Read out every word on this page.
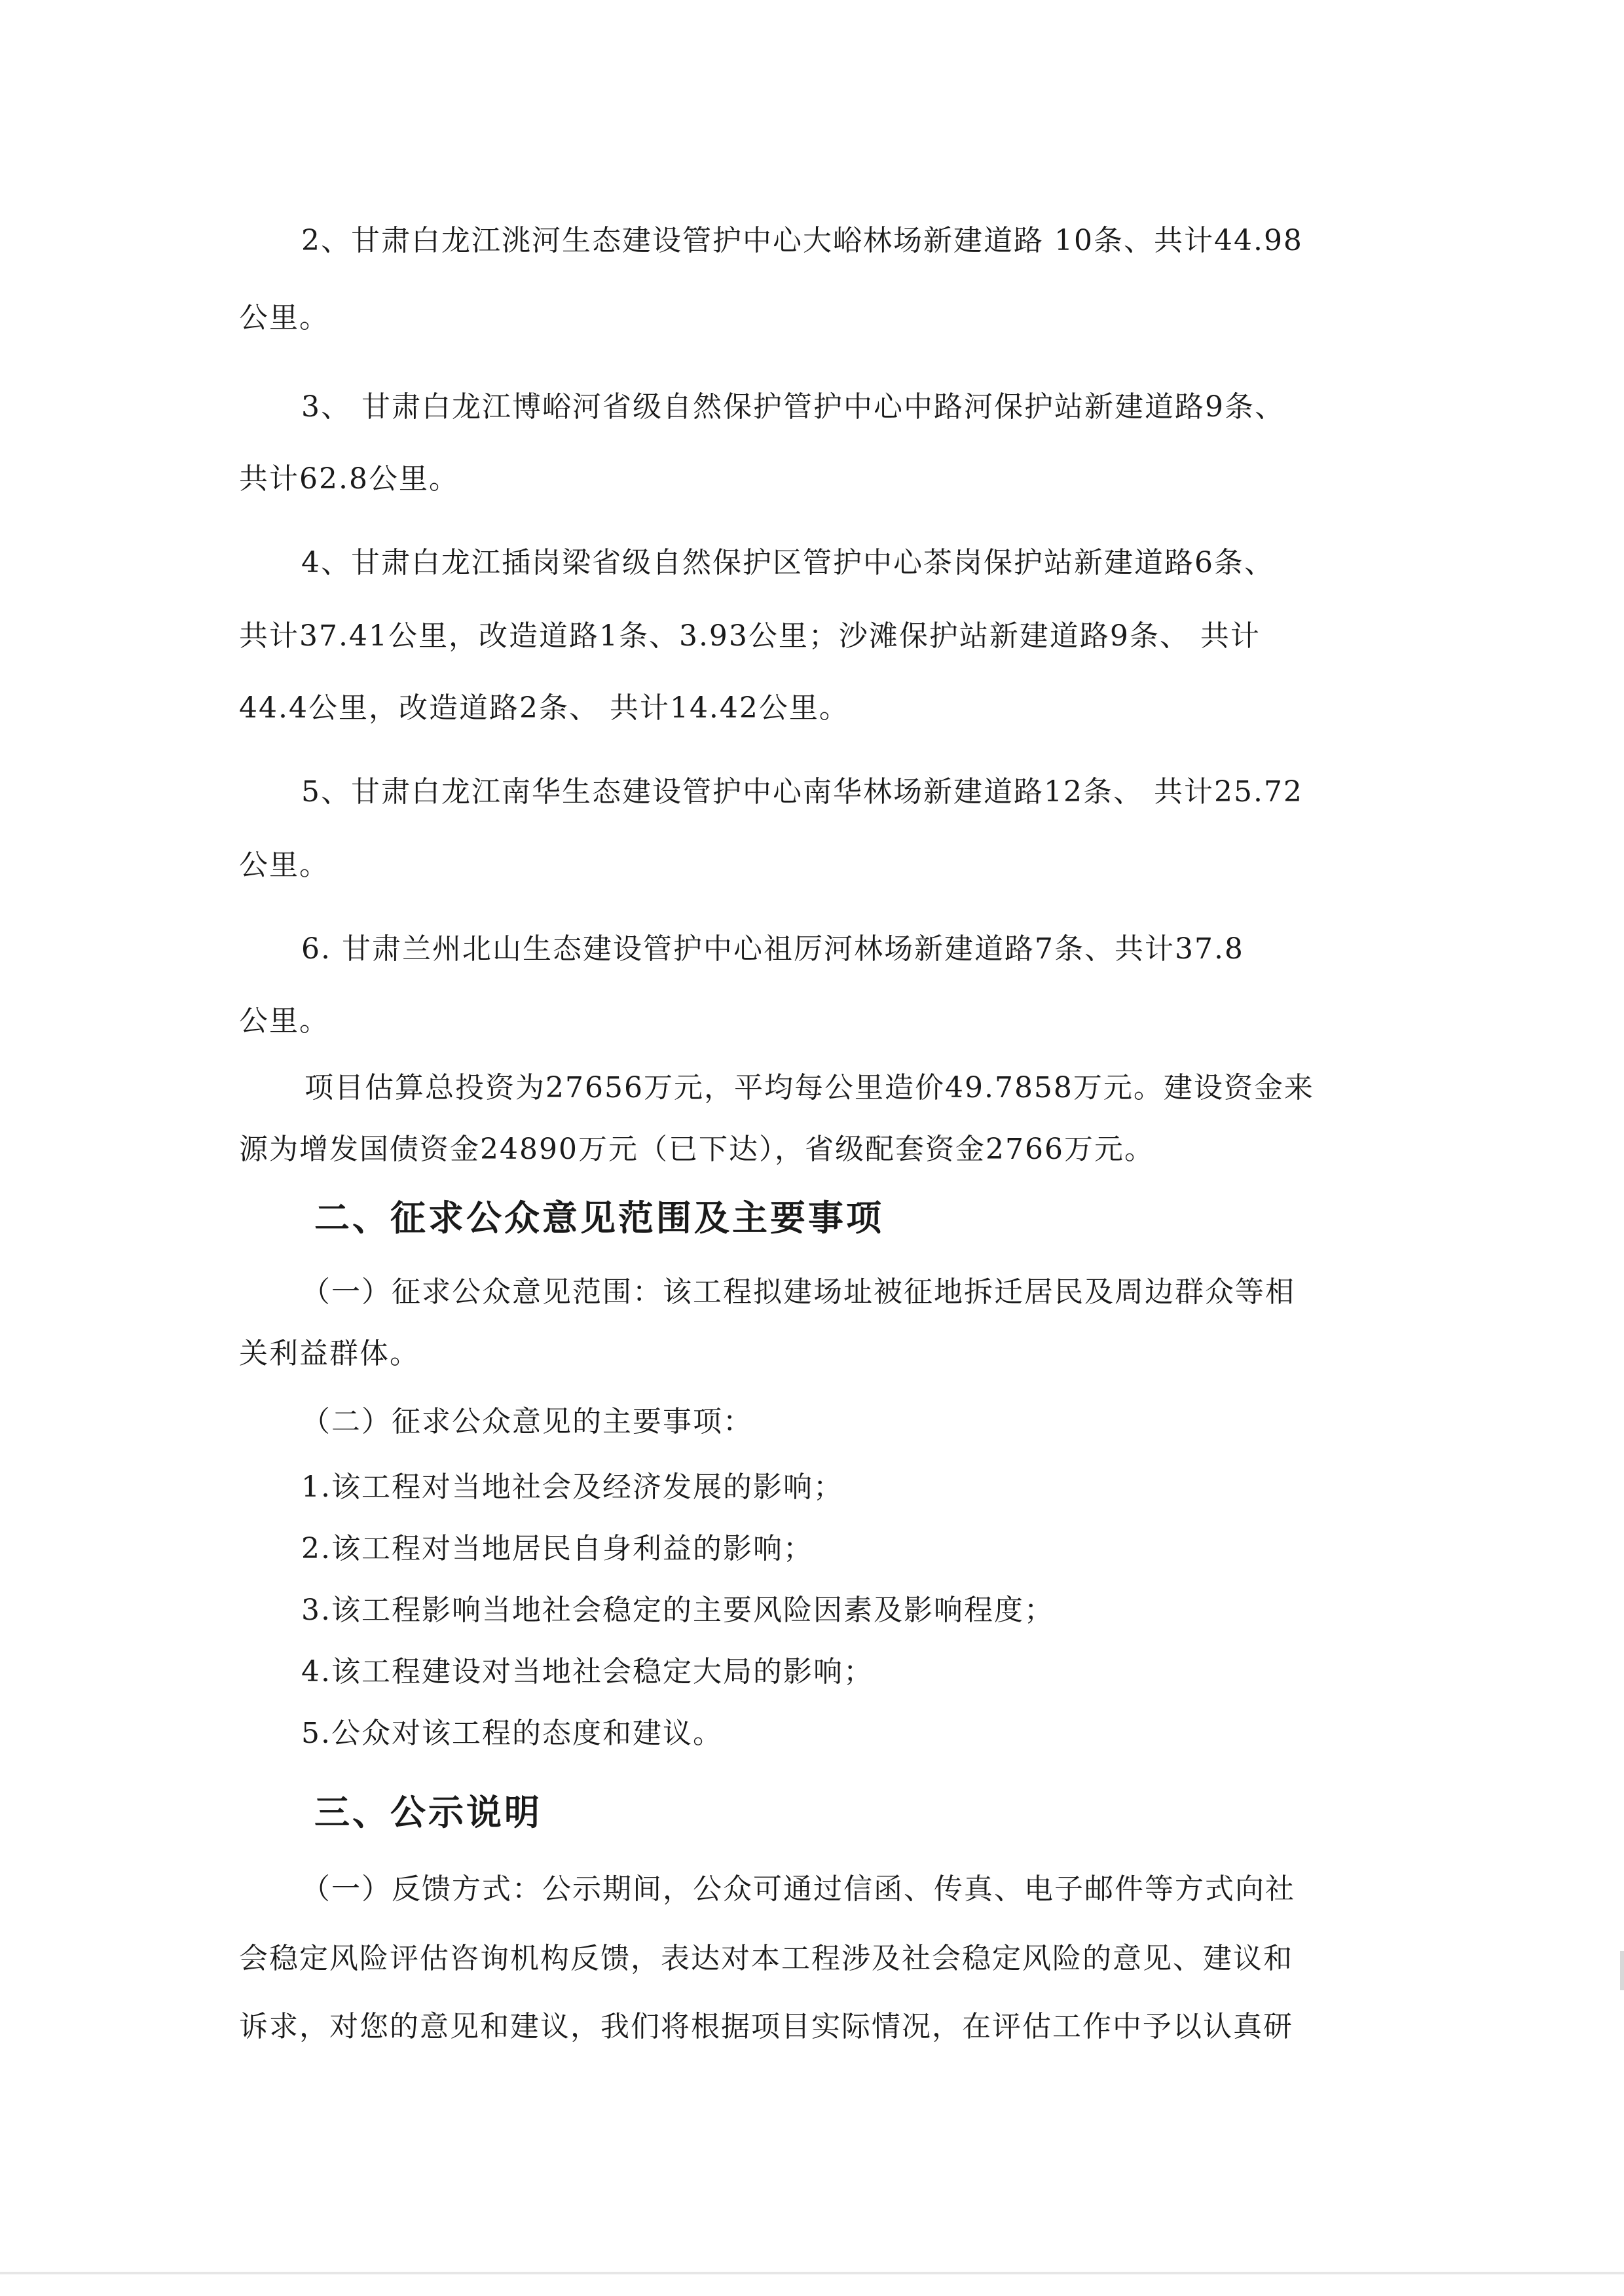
2、甘肃白龙江洮河生态建设管护中心大峪林场新建道路 10条、共计44.98
公里。
3、 甘肃白龙江博峪河省级自然保护管护中心中路河保护站新建道路9条、
共计62.8公里。
4、甘肃白龙江插岗梁省级自然保护区管护中心茶岗保护站新建道路6条、
共计37.41公里，改造道路1条、3.93公里；沙滩保护站新建道路9条、 共计
44.4公里，改造道路2条、 共计14.42公里。
5、甘肃白龙江南华生态建设管护中心南华林场新建道路12条、 共计25.72
公里。
6. 甘肃兰州北山生态建设管护中心祖厉河林场新建道路7条、共计37.8
公里。
项目估算总投资为27656万元，平均每公里造价49.7858万元。建设资金来
源为增发国债资金24890万元（已下达），省级配套资金2766万元。
二、征求公众意见范围及主要事项
（一）征求公众意见范围：该工程拟建场址被征地拆迁居民及周边群众等相
关利益群体。
（二）征求公众意见的主要事项：
1.该工程对当地社会及经济发展的影响；
2.该工程对当地居民自身利益的影响；
3.该工程影响当地社会稳定的主要风险因素及影响程度；
4.该工程建设对当地社会稳定大局的影响；
5.公众对该工程的态度和建议。
三、公示说明
（一）反馈方式：公示期间，公众可通过信函、传真、电子邮件等方式向社
会稳定风险评估咨询机构反馈，表达对本工程涉及社会稳定风险的意见、建议和
诉求，对您的意见和建议，我们将根据项目实际情况，在评估工作中予以认真研
